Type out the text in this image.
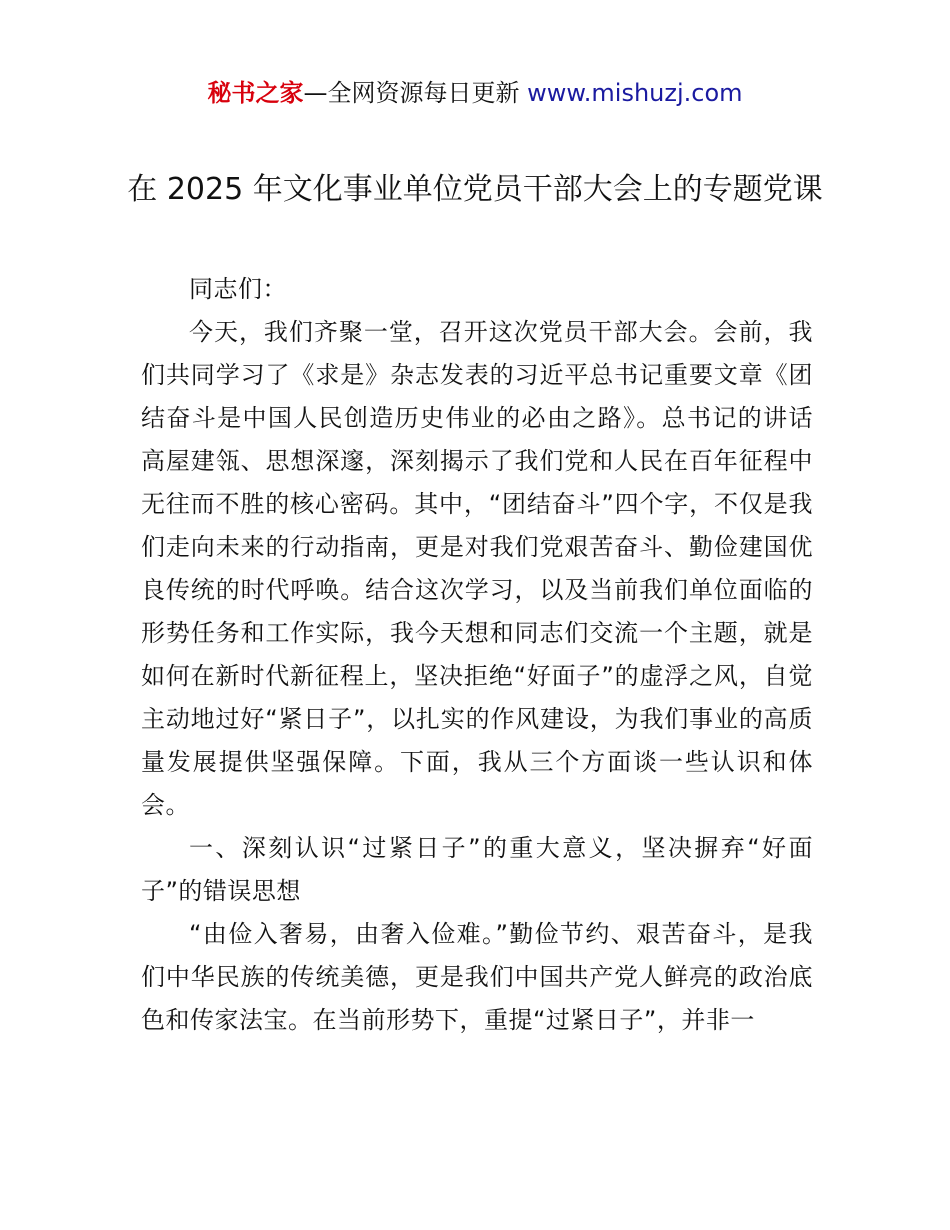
秘书之家—全网资源每日更新 www.mishuzj.com
在 2025 年文化事业单位党员干部大会上的专题党课

同志们：

今天，我们齐聚一堂，召开这次党员干部大会。会前，我们共同学习了《求是》杂志发表的习近平总书记重要文章《团结奋斗是中国人民创造历史伟业的必由之路》。总书记的讲话高屋建瓴、思想深邃，深刻揭示了我们党和人民在百年征程中无往而不胜的核心密码。其中，“团结奋斗”四个字，不仅是我们走向未来的行动指南，更是对我们党艰苦奋斗、勤俭建国优良传统的时代呼唤。结合这次学习，以及当前我们单位面临的形势任务和工作实际，我今天想和同志们交流一个主题，就是如何在新时代新征程上，坚决拒绝“好面子”的虚浮之风，自觉主动地过好“紧日子”，以扎实的作风建设，为我们事业的高质量发展提供坚强保障。下面，我从三个方面谈一些认识和体会。

一、深刻认识“过紧日子”的重大意义，坚决摒弃“好面子”的错误思想

“由俭入奢易，由奢入俭难。”勤俭节约、艰苦奋斗，是我们中华民族的传统美德，更是我们中国共产党人鲜亮的政治底色和传家法宝。在当前形势下，重提“过紧日子”，并非一
